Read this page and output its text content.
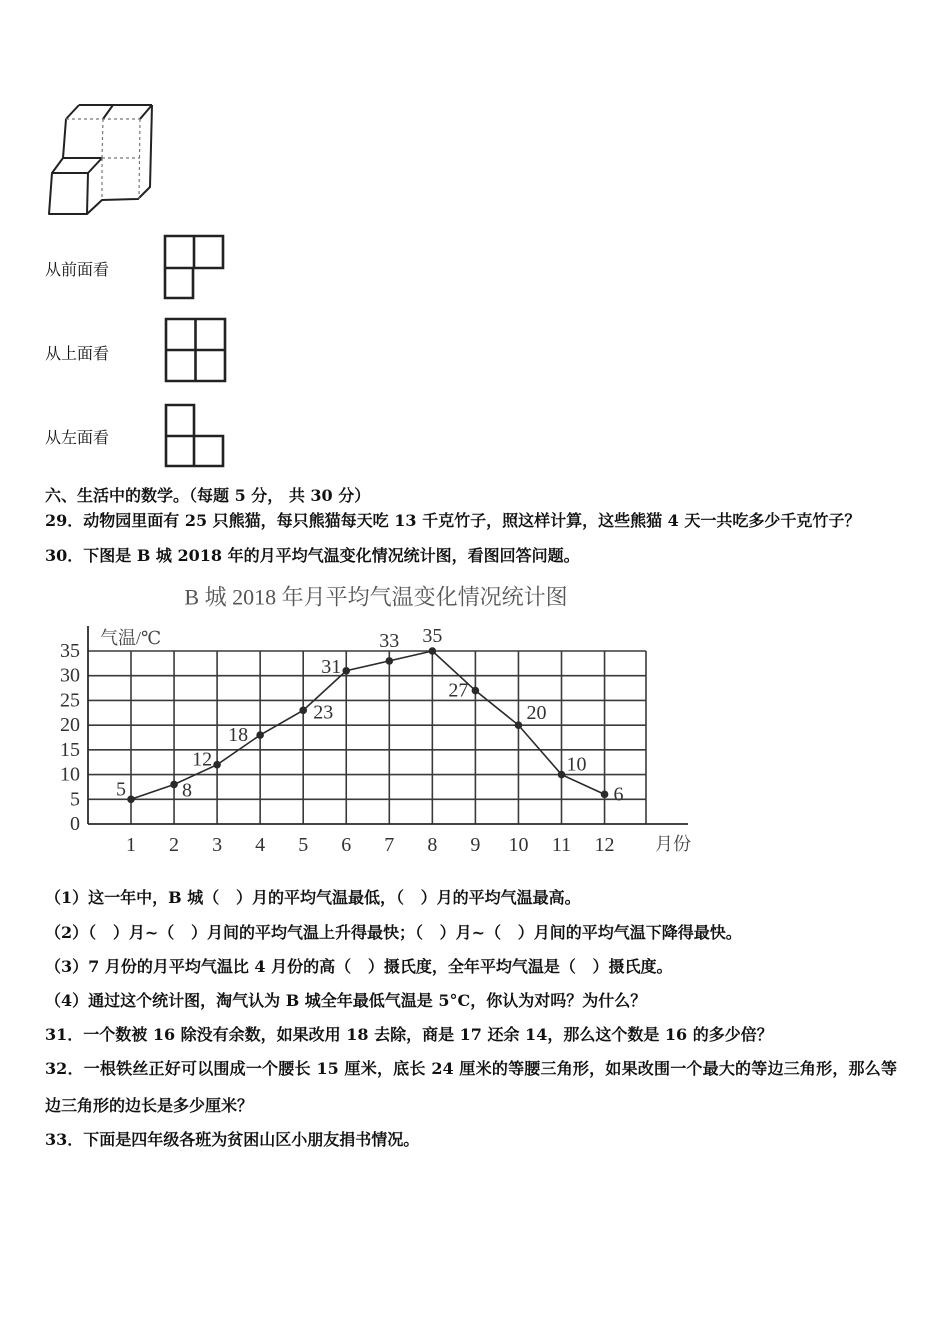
从前面看
从上面看
从左面看
六、生活中的数学。（每题 5 分， 共 30 分）
29．动物园里面有 25 只熊猫，每只熊猫每天吃 13 千克竹子，照这样计算，这些熊猫 4 天一共吃多少千克竹子？
30．下图是 B 城 2018 年的月平均气温变化情况统计图，看图回答问题。
B 城 2018 年月平均气温变化情况统计图
气温/℃
月份
0
5
10
15
20
25
30
35
1 2 3 4 5 6 7 8 9 10 11 12
5	8
12
18
23
31
33 35
27
20
10
6
（1）这一年中，B 城（   ）月的平均气温最低，（   ）月的平均气温最高。
（2）（   ）月~（   ）月间的平均气温上升得最快；（   ）月~（   ）月间的平均气温下降得最快。
（3）7 月份的月平均气温比 4 月份的高（   ）摄氏度，全年平均气温是（   ）摄氏度。
（4）通过这个统计图，淘气认为 B 城全年最低气温是 5°C，你认为对吗？为什么？
31．一个数被 16 除没有余数，如果改用 18 去除，商是 17 还余 14，那么这个数是 16 的多少倍？
32．一根铁丝正好可以围成一个腰长 15 厘米，底长 24 厘米的等腰三角形，如果改围一个最大的等边三角形，那么等
边三角形的边长是多少厘米？
33．下面是四年级各班为贫困山区小朋友捐书情况。
